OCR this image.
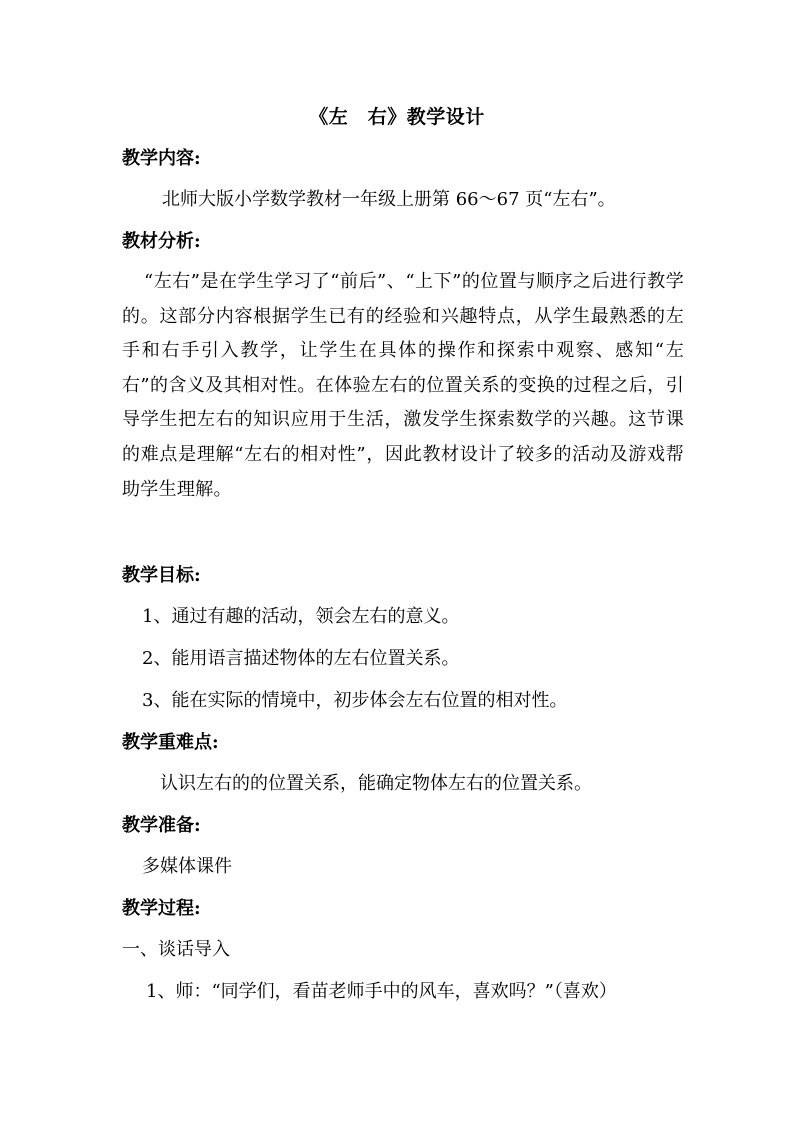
《左　右》教学设计
教学内容:
北师大版小学数学教材一年级上册第 66～67 页“左右”。
教材分析:
“左右”是在学生学习了“前后”、“上下”的位置与顺序之后进行教学的。这部分内容根据学生已有的经验和兴趣特点，从学生最熟悉的左手和右手引入教学，让学生在具体的操作和探索中观察、感知“左右”的含义及其相对性。在体验左右的位置关系的变换的过程之后，引导学生把左右的知识应用于生活，激发学生探索数学的兴趣。这节课的难点是理解“左右的相对性”，因此教材设计了较多的活动及游戏帮助学生理解。
教学目标:
1、通过有趣的活动，领会左右的意义。
2、能用语言描述物体的左右位置关系。
3、能在实际的情境中，初步体会左右位置的相对性。
教学重难点:
认识左右的的位置关系，能确定物体左右的位置关系。
教学准备:
多媒体课件
教学过程:
一、谈话导入
1、师：“同学们，看苗老师手中的风车，喜欢吗？”（喜欢）
